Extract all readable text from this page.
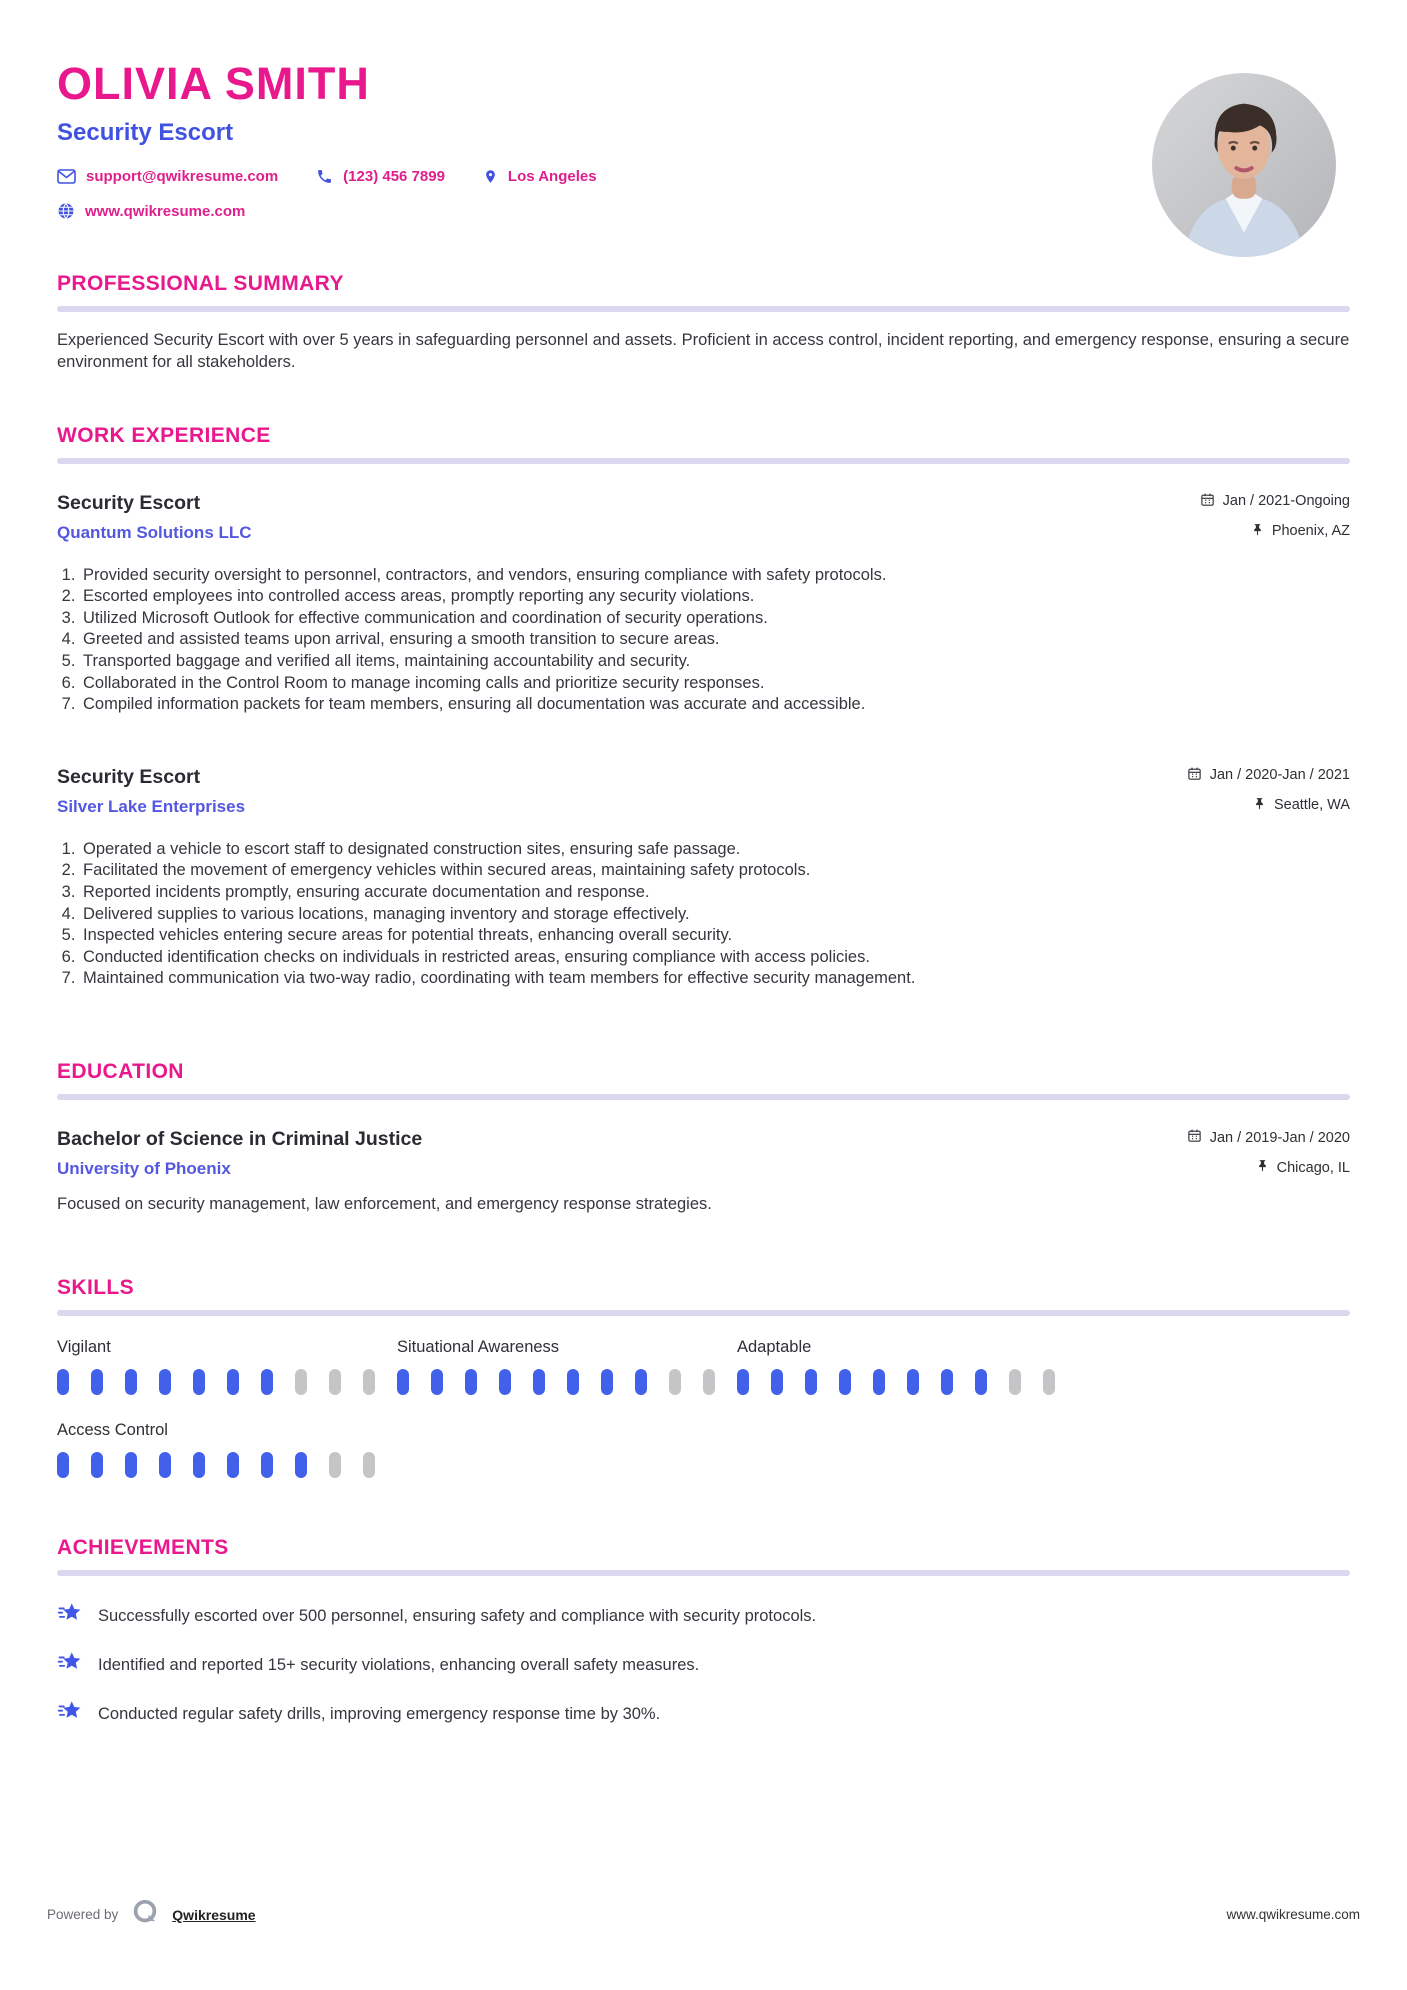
OLIVIA SMITH
Security Escort
support@qwikresume.com	(123) 456 7899	Los Angeles
www.qwikresume.com
PROFESSIONAL SUMMARY

Experienced Security Escort with over 5 years in safeguarding personnel and assets. Proficient in access control, incident reporting, and emergency response, ensuring a secure environment for all stakeholders.

WORK EXPERIENCE
Security Escort
Quantum Solutions LLC
Jan / 2021-Ongoing
Phoenix, AZ
1. Provided security oversight to personnel, contractors, and vendors, ensuring compliance with safety protocols.
2. Escorted employees into controlled access areas, promptly reporting any security violations.
3. Utilized Microsoft Outlook for effective communication and coordination of security operations.
4. Greeted and assisted teams upon arrival, ensuring a smooth transition to secure areas.
5. Transported baggage and verified all items, maintaining accountability and security.
6. Collaborated in the Control Room to manage incoming calls and prioritize security responses.
7. Compiled information packets for team members, ensuring all documentation was accurate and accessible.
Security Escort
Silver Lake Enterprises
Jan / 2020-Jan / 2021
Seattle, WA
1. Operated a vehicle to escort staff to designated construction sites, ensuring safe passage.
2. Facilitated the movement of emergency vehicles within secured areas, maintaining safety protocols.
3. Reported incidents promptly, ensuring accurate documentation and response.
4. Delivered supplies to various locations, managing inventory and storage effectively.
5. Inspected vehicles entering secure areas for potential threats, enhancing overall security.
6. Conducted identification checks on individuals in restricted areas, ensuring compliance with access policies.
7. Maintained communication via two-way radio, coordinating with team members for effective security management.
EDUCATION
Bachelor of Science in Criminal Justice
University of Phoenix
Jan / 2019-Jan / 2020
Chicago, IL

Focused on security management, law enforcement, and emergency response strategies.

SKILLS
Vigilant	Situational Awareness	Adaptable
Access Control
ACHIEVEMENTS
Successfully escorted over 500 personnel, ensuring safety and compliance with security protocols.
Identified and reported 15+ security violations, enhancing overall safety measures.
Conducted regular safety drills, improving emergency response time by 30%.
Powered by	Qwikresume	www.qwikresume.com
